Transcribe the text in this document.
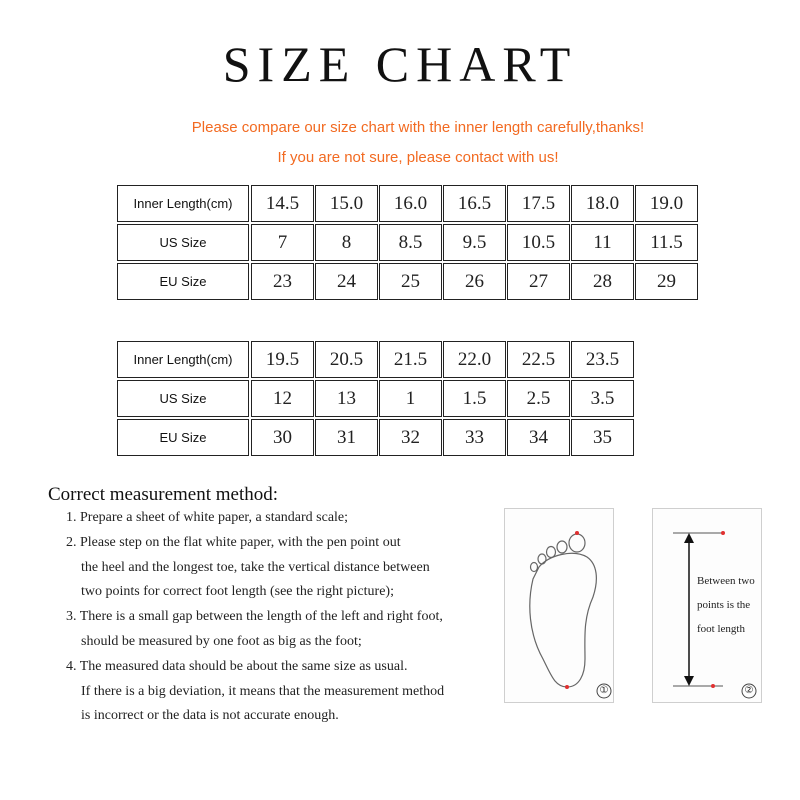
SIZE CHART
Please compare our size chart with the inner length carefully,thanks!
If you are not sure, please contact with us!
Inner Length(cm)	14.5	15.0	16.0	16.5	17.5	18.0	19.0
US Size	7	8	8.5	9.5	10.5	11	11.5
EU Size	23	24	25	26	27	28	29
Inner Length(cm)	19.5	20.5	21.5	22.0	22.5	23.5
US Size	12	13	1	1.5	2.5	3.5
EU Size	30	31	32	33	34	35
Correct measurement method:
1. Prepare a sheet of white paper, a standard scale;
2. Please step on the flat white paper, with the pen point out
the heel and the longest toe, take the vertical distance between
two points for correct foot length (see the right picture);
3. There is a small gap between the length of the left and right foot,
should be measured by one foot as big as the foot;
4. The measured data should be about the same size as usual.
If there is a big deviation, it means that the measurement method
is incorrect or the data is not accurate enough.
①
Between two
points is the
foot length
②
